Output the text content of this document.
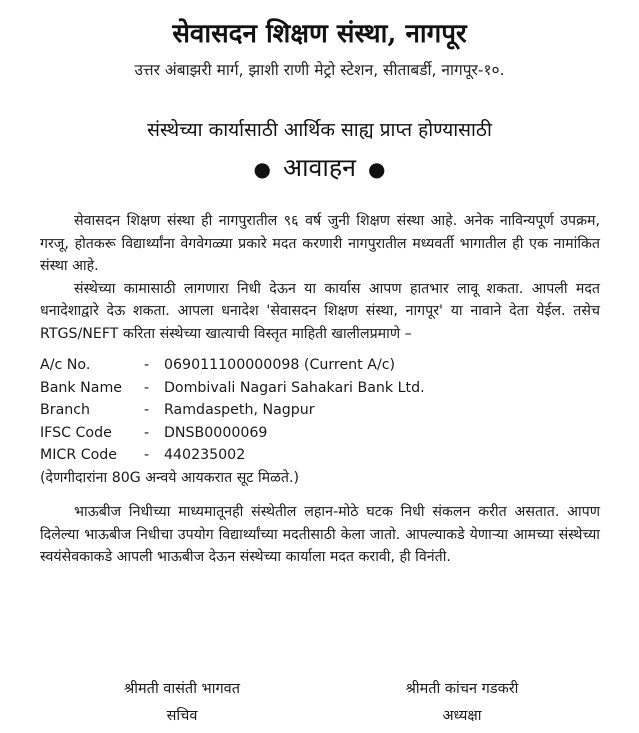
सेवासदन शिक्षण संस्था, नागपूर
उत्तर अंबाझरी मार्ग, झाशी राणी मेट्रो स्टेशन, सीताबर्डी, नागपूर-१०.
संस्थेच्या कार्यासाठी आर्थिक साह्य प्राप्त होण्यासाठी
● आवाहन ●

सेवासदन शिक्षण संस्था ही नागपुरातील ९६ वर्ष जुनी शिक्षण संस्था आहे. अनेक नाविन्यपूर्ण उपक्रम, गरजू, होतकरू विद्यार्थ्यांना वेगवेगळ्या प्रकारे मदत करणारी नागपुरातील मध्यवर्ती भागातील ही एक नामांकित संस्था आहे.

संस्थेच्या कामासाठी लागणारा निधी देऊन या कार्यास आपण हातभार लावू शकता. आपली मदत धनादेशाद्वारे देऊ शकता. आपला धनादेश 'सेवासदन शिक्षण संस्था, नागपूर' या नावाने देता येईल. तसेच RTGS/NEFT करिता संस्थेच्या खात्याची विस्तृत माहिती खालीलप्रमाणे –

A/c No.	-	069011100000098 (Current A/c)
Bank Name	-	Dombivali Nagari Sahakari Bank Ltd.
Branch	-	Ramdaspeth, Nagpur
IFSC Code	-	DNSB0000069
MICR Code	-	440235002

(देणगीदारांना 80G अन्वये आयकरात सूट मिळते.)

भाऊबीज निधीच्या माध्यमातूनही संस्थेतील लहान-मोठे घटक निधी संकलन करीत असतात. आपण दिलेल्या भाऊबीज निधीचा उपयोग विद्यार्थ्यांच्या मदतीसाठी केला जातो. आपल्याकडे येणाऱ्या आमच्या संस्थेच्या स्वयंसेवकाकडे आपली भाऊबीज देऊन संस्थेच्या कार्याला मदत करावी, ही विनंती.

श्रीमती वासंती भागवत
सचिव
श्रीमती कांचन गडकरी
अध्यक्षा
